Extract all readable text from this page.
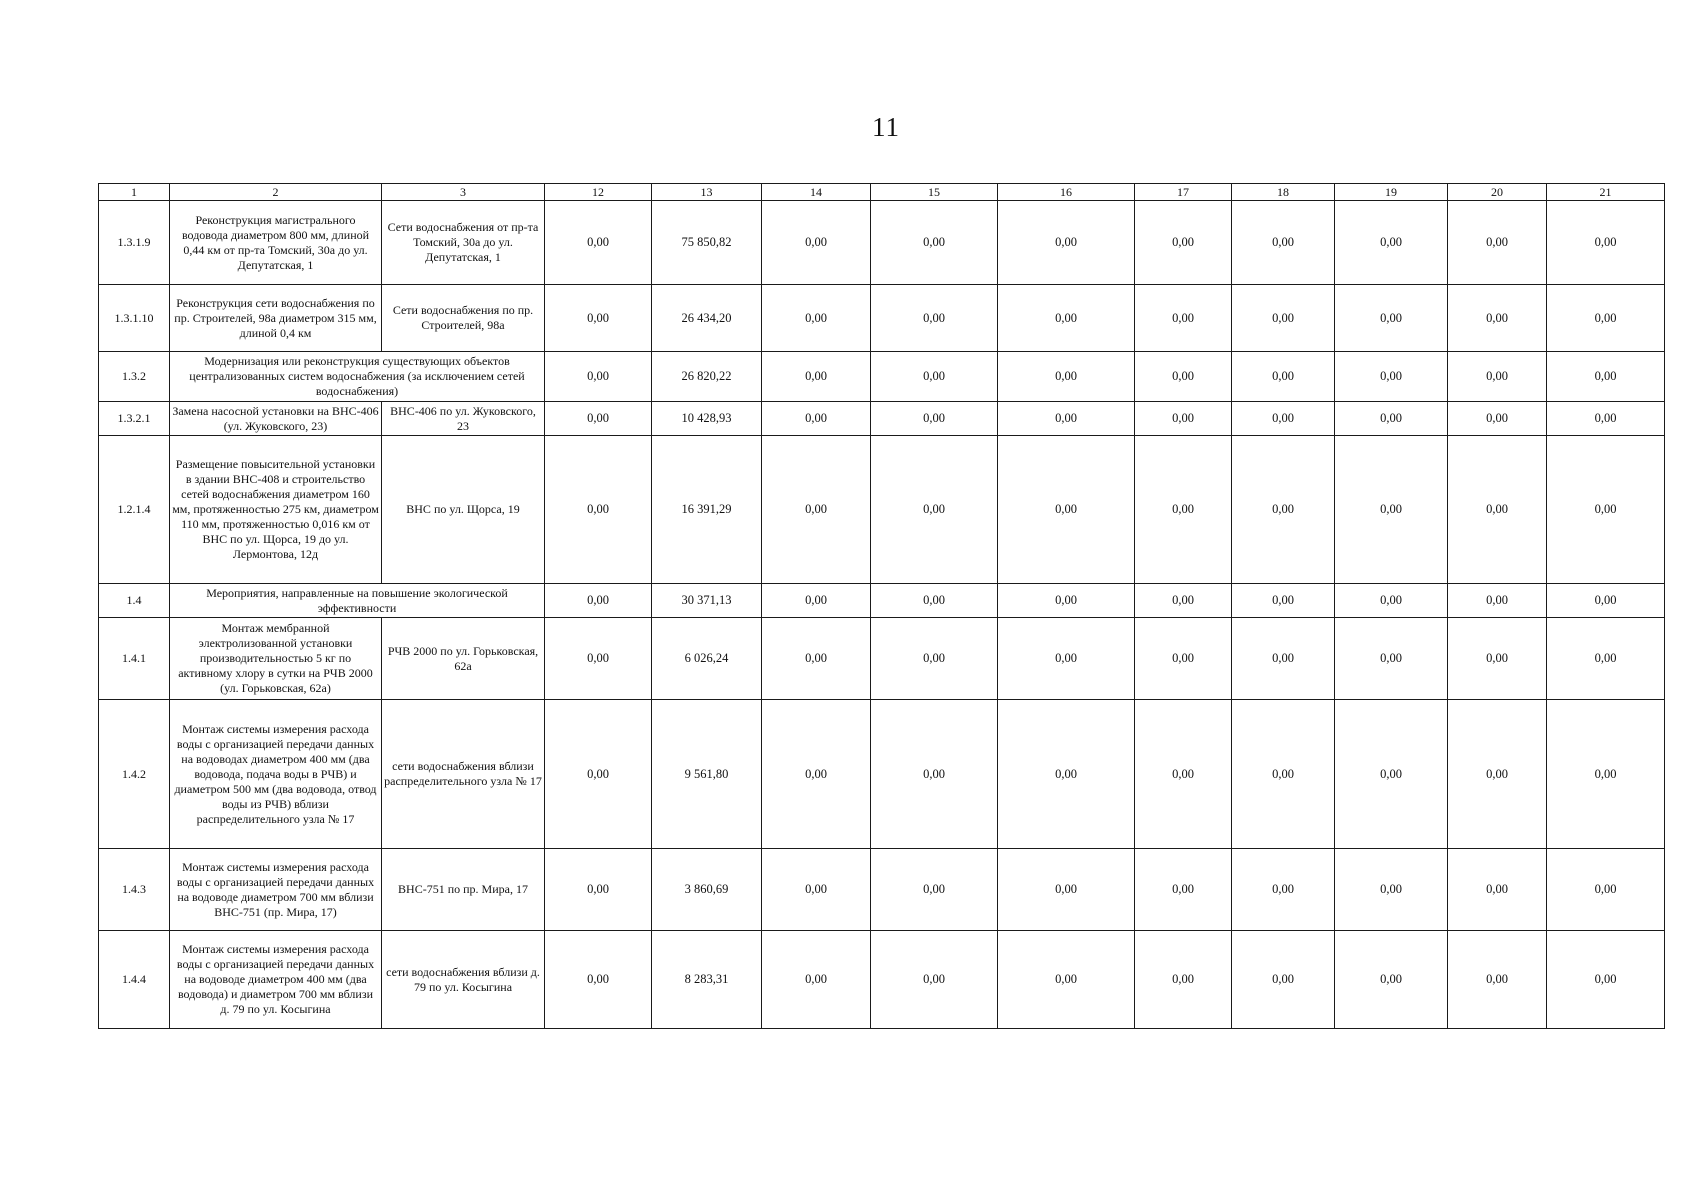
11
1	2	3	12	13	14	15	16	17	18	19	20	21
1.3.1.9	Реконструкция магистрального водовода диаметром 800 мм, длиной 0,44 км от пр-та Томский, 30а до ул. Депутатская, 1	Сети водоснабжения от пр-та Томский, 30а до ул. Депутатская, 1	0,00	75 850,82	0,00	0,00	0,00	0,00	0,00	0,00	0,00	0,00
1.3.1.10	Реконструкция сети водоснабжения по пр. Строителей, 98а диаметром 315 мм, длиной 0,4 км	Сети водоснабжения по пр. Строителей, 98а	0,00	26 434,20	0,00	0,00	0,00	0,00	0,00	0,00	0,00	0,00
1.3.2	Модернизация или реконструкция существующих объектов централизованных систем водоснабжения (за исключением сетей водоснабжения)		0,00	26 820,22	0,00	0,00	0,00	0,00	0,00	0,00	0,00	0,00
1.3.2.1	Замена насосной установки на ВНС-406 (ул. Жуковского, 23)	ВНС-406 по ул. Жуковского, 23	0,00	10 428,93	0,00	0,00	0,00	0,00	0,00	0,00	0,00	0,00
1.2.1.4	Размещение повысительной установки в здании ВНС-408 и строительство сетей водоснабжения диаметром 160 мм, протяженностью 275 км, диаметром 110 мм, протяженностью 0,016 км от ВНС по ул. Щорса, 19 до ул. Лермонтова, 12д	ВНС по ул. Щорса, 19	0,00	16 391,29	0,00	0,00	0,00	0,00	0,00	0,00	0,00	0,00
1.4	Мероприятия, направленные на повышение экологической эффективности		0,00	30 371,13	0,00	0,00	0,00	0,00	0,00	0,00	0,00	0,00
1.4.1	Монтаж мембранной электролизованной установки производительностью 5 кг по активному хлору в сутки на РЧВ 2000 (ул. Горьковская, 62а)	РЧВ 2000 по ул. Горьковская, 62а	0,00	6 026,24	0,00	0,00	0,00	0,00	0,00	0,00	0,00	0,00
1.4.2	Монтаж системы измерения расхода воды с организацией передачи данных на водоводах диаметром 400 мм (два водовода, подача воды в РЧВ) и диаметром 500 мм (два водовода, отвод воды из РЧВ) вблизи распределительного узла № 17	сети водоснабжения вблизи распределительного узла № 17	0,00	9 561,80	0,00	0,00	0,00	0,00	0,00	0,00	0,00	0,00
1.4.3	Монтаж системы измерения расхода воды с организацией передачи данных на водоводе диаметром 700 мм вблизи ВНС-751 (пр. Мира, 17)	ВНС-751 по пр. Мира, 17	0,00	3 860,69	0,00	0,00	0,00	0,00	0,00	0,00	0,00	0,00
1.4.4	Монтаж системы измерения расхода воды с организацией передачи данных на водоводе диаметром 400 мм (два водовода) и диаметром 700 мм вблизи д. 79 по ул. Косыгина	сети водоснабжения вблизи д. 79 по ул. Косыгина	0,00	8 283,31	0,00	0,00	0,00	0,00	0,00	0,00	0,00	0,00
